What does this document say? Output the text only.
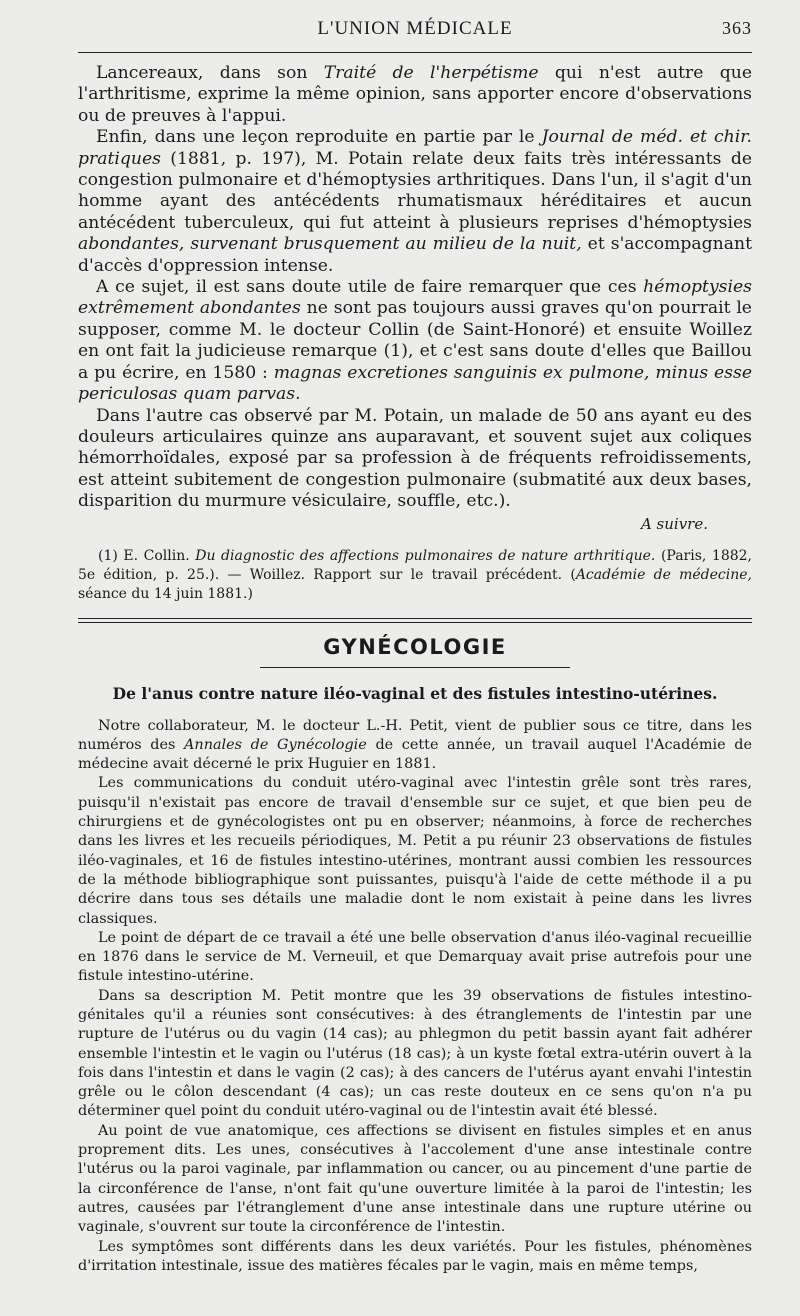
L'UNION MÉDICALE	363

Lancereaux, dans son Traité de l'herpétisme qui n'est autre que l'arthritisme, exprime la même opinion, sans apporter encore d'observations ou de preuves à l'appui.

Enfin, dans une leçon reproduite en partie par le Journal de méd. et chir. pratiques (1881, p. 197), M. Potain relate deux faits très intéressants de congestion pulmonaire et d'hémoptysies arthritiques. Dans l'un, il s'agit d'un homme ayant des antécédents rhumatismaux héréditaires et aucun antécédent tuberculeux, qui fut atteint à plusieurs reprises d'hémoptysies abondantes, survenant brusquement au milieu de la nuit, et s'accompagnant d'accès d'oppression intense.

A ce sujet, il est sans doute utile de faire remarquer que ces hémoptysies extrêmement abondantes ne sont pas toujours aussi graves qu'on pourrait le supposer, comme M. le docteur Collin (de Saint-Honoré) et ensuite Woillez en ont fait la judicieuse remarque (1), et c'est sans doute d'elles que Baillou a pu écrire, en 1580 : magnas excretiones sanguinis ex pulmone, minus esse periculosas quam parvas.

Dans l'autre cas observé par M. Potain, un malade de 50 ans ayant eu des douleurs articulaires quinze ans auparavant, et souvent sujet aux coliques hémorrhoïdales, exposé par sa profession à de fréquents refroidissements, est atteint subitement de congestion pulmonaire (submatité aux deux bases, disparition du murmure vésiculaire, souffle, etc.).

A suivre.
(1) E. Collin. Du diagnostic des affections pulmonaires de nature arthritique. (Paris, 1882, 5e édition, p. 25.). — Woillez. Rapport sur le travail précédent. (Académie de médecine, séance du 14 juin 1881.)
GYNÉCOLOGIE
De l'anus contre nature iléo-vaginal et des fistules intestino-utérines.

Notre collaborateur, M. le docteur L.-H. Petit, vient de publier sous ce titre, dans les numéros des Annales de Gynécologie de cette année, un travail auquel l'Académie de médecine avait décerné le prix Huguier en 1881.

Les communications du conduit utéro-vaginal avec l'intestin grêle sont très rares, puisqu'il n'existait pas encore de travail d'ensemble sur ce sujet, et que bien peu de chirurgiens et de gynécologistes ont pu en observer; néanmoins, à force de recherches dans les livres et les recueils périodiques, M. Petit a pu réunir 23 observations de fistules iléo-vaginales, et 16 de fistules intestino-utérines, montrant aussi combien les ressources de la méthode bibliographique sont puissantes, puisqu'à l'aide de cette méthode il a pu décrire dans tous ses détails une maladie dont le nom existait à peine dans les livres classiques.

Le point de départ de ce travail a été une belle observation d'anus iléo-vaginal recueillie en 1876 dans le service de M. Verneuil, et que Demarquay avait prise autrefois pour une fistule intestino-utérine.

Dans sa description M. Petit montre que les 39 observations de fistules intestino-génitales qu'il a réunies sont consécutives: à des étranglements de l'intestin par une rupture de l'utérus ou du vagin (14 cas); au phlegmon du petit bassin ayant fait adhérer ensemble l'intestin et le vagin ou l'utérus (18 cas); à un kyste fœtal extra-utérin ouvert à la fois dans l'intestin et dans le vagin (2 cas); à des cancers de l'utérus ayant envahi l'intestin grêle ou le côlon descendant (4 cas); un cas reste douteux en ce sens qu'on n'a pu déterminer quel point du conduit utéro-vaginal ou de l'intestin avait été blessé.

Au point de vue anatomique, ces affections se divisent en fistules simples et en anus proprement dits. Les unes, consécutives à l'accolement d'une anse intestinale contre l'utérus ou la paroi vaginale, par inflammation ou cancer, ou au pincement d'une partie de la circonférence de l'anse, n'ont fait qu'une ouverture limitée à la paroi de l'intestin; les autres, causées par l'étranglement d'une anse intestinale dans une rupture utérine ou vaginale, s'ouvrent sur toute la circonférence de l'intestin.

Les symptômes sont différents dans les deux variétés. Pour les fistules, phénomènes d'irritation intestinale, issue des matières fécales par le vagin, mais en même temps,
